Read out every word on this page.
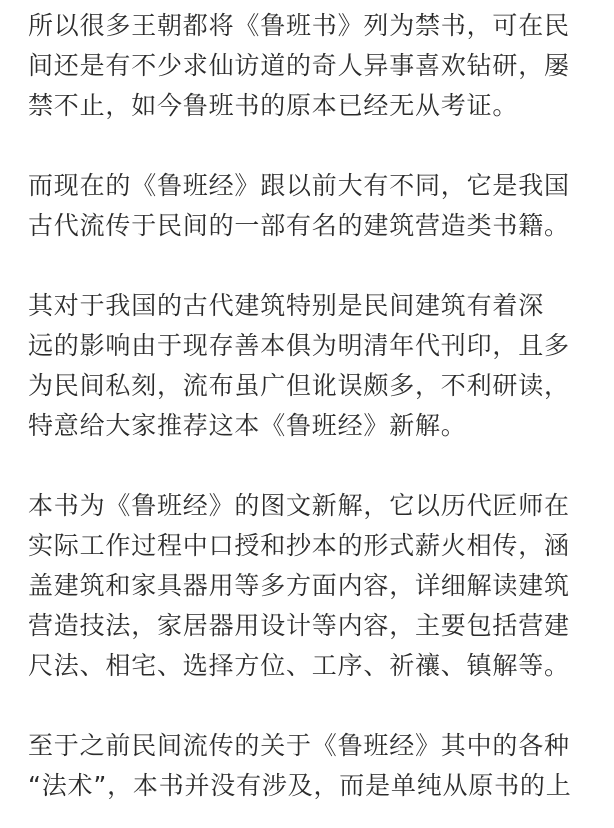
所以很多王朝都将《鲁班书》列为禁书，可在民
间还是有不少求仙访道的奇人异事喜欢钻研，屡
禁不止，如今鲁班书的原本已经无从考证。
而现在的《鲁班经》跟以前大有不同，它是我国
古代流传于民间的一部有名的建筑营造类书籍。
其对于我国的古代建筑特别是民间建筑有着深
远的影响由于现存善本俱为明清年代刊印，且多
为民间私刻，流布虽广但讹误颇多，不利研读，
特意给大家推荐这本《鲁班经》新解。
本书为《鲁班经》的图文新解，它以历代匠师在
实际工作过程中口授和抄本的形式薪火相传，涵
盖建筑和家具器用等多方面内容，详细解读建筑
营造技法，家居器用设计等内容，主要包括营建
尺法、相宅、选择方位、工序、祈禳、镇解等。
至于之前民间流传的关于《鲁班经》其中的各种
“法术”，本书并没有涉及，而是单纯从原书的上
